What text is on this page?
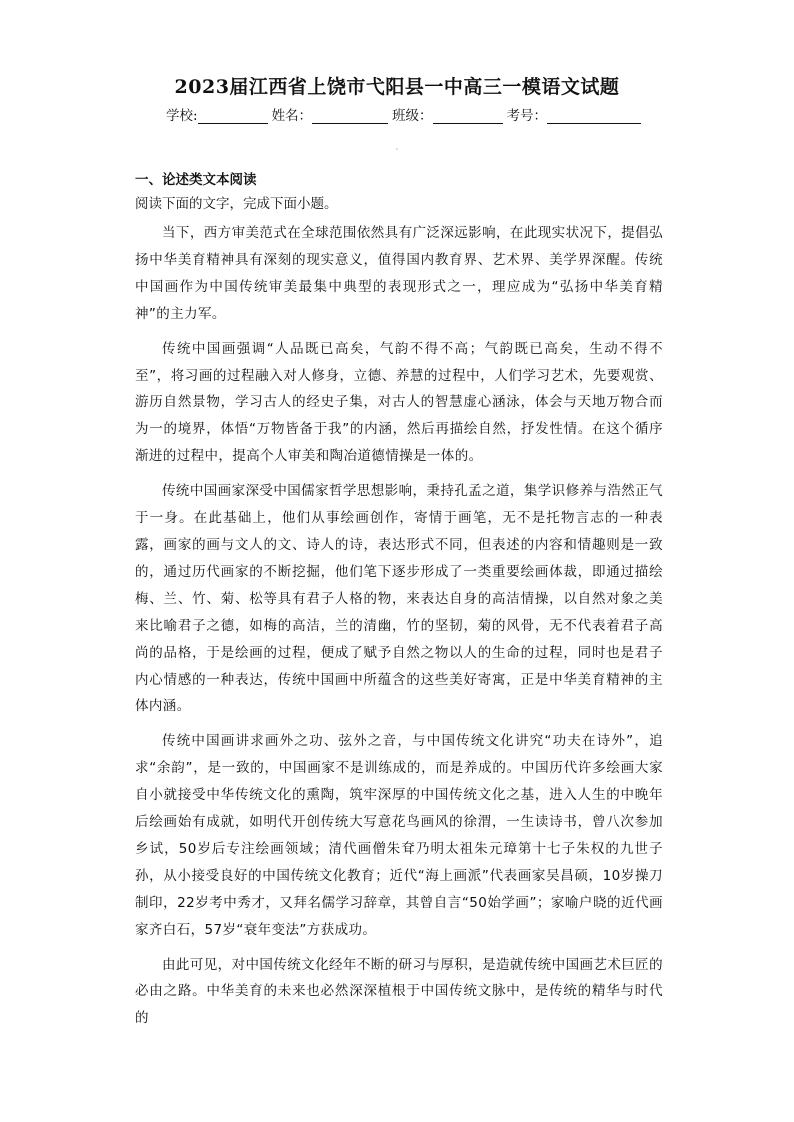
2023届江西省上饶市弋阳县一中高三一模语文试题
学校:	姓名：	班级：	考号：
一、论述类文本阅读
阅读下面的文字，完成下面小题。

当下，西方审美范式在全球范围依然具有广泛深远影响，在此现实状况下，提倡弘扬中华美育精神具有深刻的现实意义，值得国内教育界、艺术界、美学界深醒。传统中国画作为中国传统审美最集中典型的表现形式之一，理应成为“弘扬中华美育精神”的主力军。

传统中国画强调“人品既已高矣，气韵不得不高；气韵既已高矣，生动不得不至”，将习画的过程融入对人修身，立德、养慧的过程中，人们学习艺术，先要观赏、游历自然景物，学习古人的经史子集，对古人的智慧虚心涵泳，体会与天地万物合而为一的境界，体悟“万物皆备于我”的内涵，然后再描绘自然，抒发性情。在这个循序渐进的过程中，提高个人审美和陶冶道德情操是一体的。

传统中国画家深受中国儒家哲学思想影响，秉持孔孟之道，集学识修养与浩然正气于一身。在此基础上，他们从事绘画创作，寄情于画笔，无不是托物言志的一种表露，画家的画与文人的文、诗人的诗，表达形式不同，但表述的内容和情趣则是一致的，通过历代画家的不断挖掘，他们笔下逐步形成了一类重要绘画体裁，即通过描绘梅、兰、竹、菊、松等具有君子人格的物，来表达自身的高洁情操，以自然对象之美来比喻君子之德，如梅的高洁，兰的清幽，竹的坚韧，菊的风骨，无不代表着君子高尚的品格，于是绘画的过程，便成了赋予自然之物以人的生命的过程，同时也是君子内心情感的一种表达，传统中国画中所蕴含的这些美好寄寓，正是中华美育精神的主体内涵。

传统中国画讲求画外之功、弦外之音，与中国传统文化讲究“功夫在诗外”，追求“余韵”，是一致的，中国画家不是训练成的，而是养成的。中国历代许多绘画大家自小就接受中华传统文化的熏陶，筑牢深厚的中国传统文化之基，进入人生的中晚年后绘画始有成就，如明代开创传统大写意花鸟画风的徐渭，一生读诗书，曾八次参加乡试，50岁后专注绘画领域；清代画僧朱耷乃明太祖朱元璋第十七子朱权的九世子孙，从小接受良好的中国传统文化教育；近代“海上画派”代表画家吴昌硕，10岁操刀制印，22岁考中秀才，又拜名儒学习辞章，其曾自言“50始学画”；家喻户晓的近代画家齐白石，57岁“衰年变法”方获成功。

由此可见，对中国传统文化经年不断的研习与厚积，是造就传统中国画艺术巨匠的必由之路。中华美育的未来也必然深深植根于中国传统文脉中，是传统的精华与时代的
